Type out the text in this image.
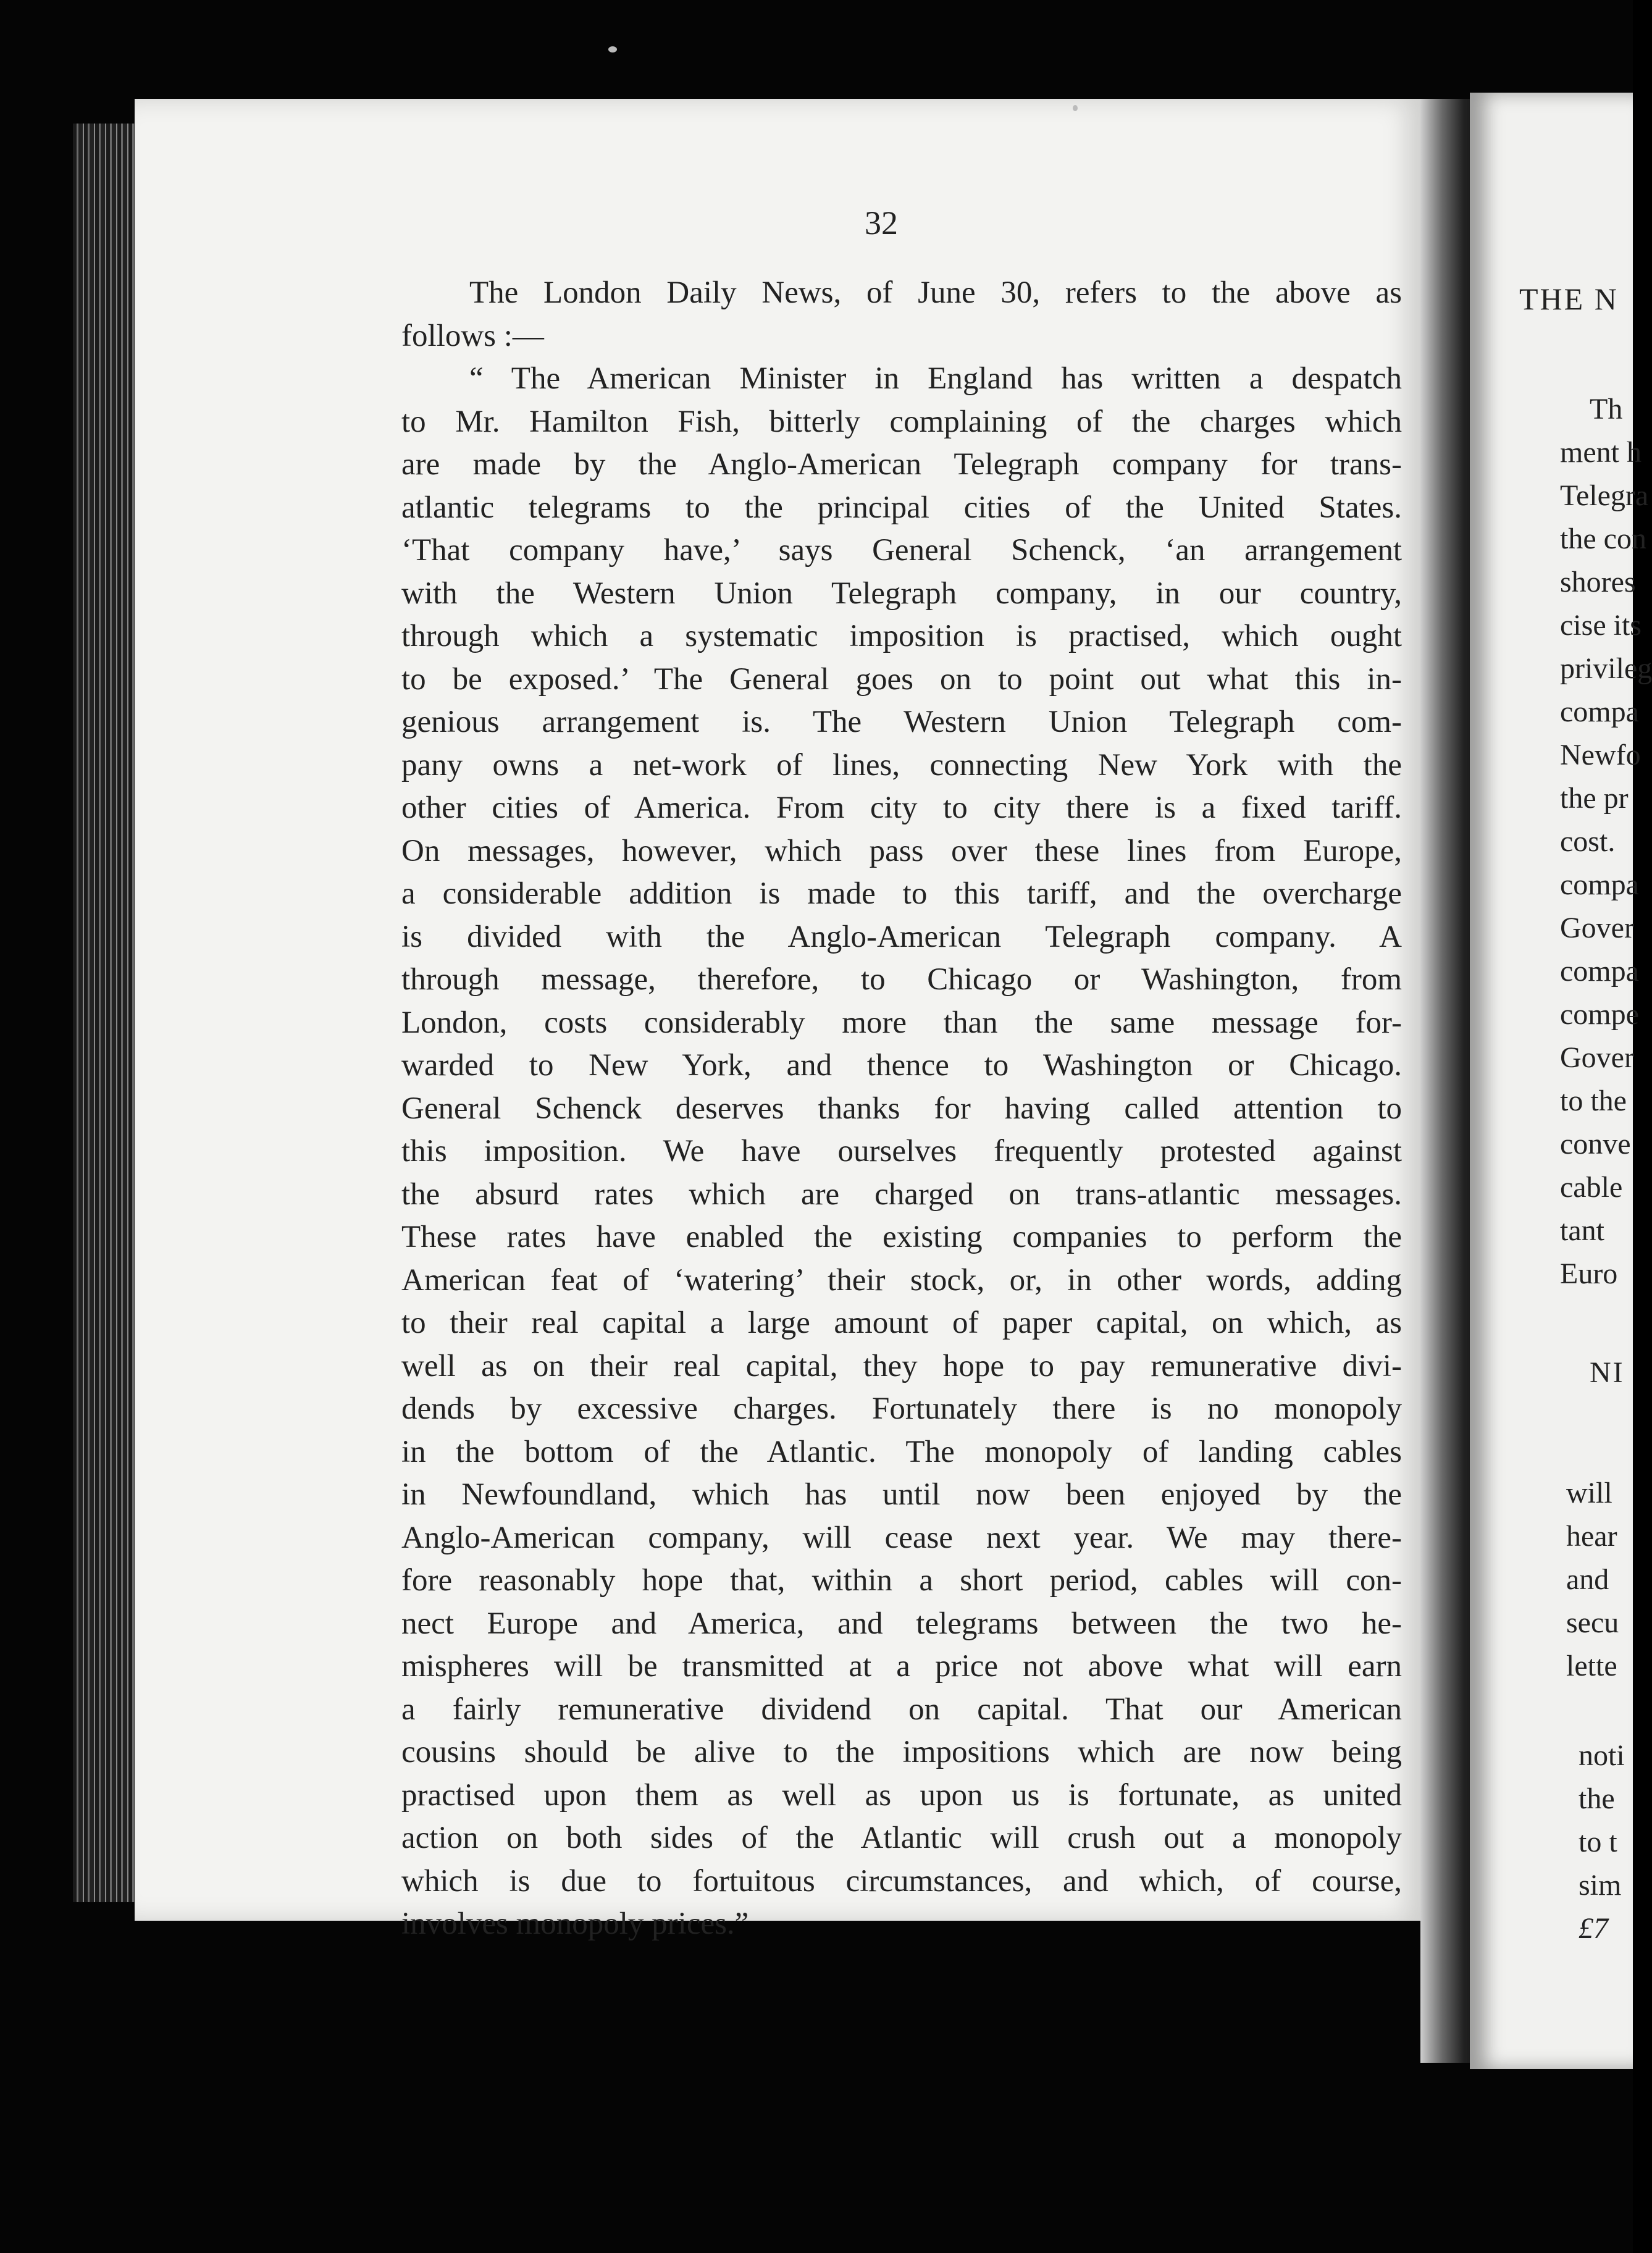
32
The London Daily News, of June 30, refers to the above as
follows :—
“ The American Minister in England has written a despatch
to Mr. Hamilton Fish, bitterly complaining of the charges which
are made by the Anglo-American Telegraph company for trans-
atlantic telegrams to the principal cities of the United States.
‘That company have,’ says General Schenck, ‘an arrangement
with the Western Union Telegraph company, in our country,
through which a systematic imposition is practised, which ought
to be exposed.’ The General goes on to point out what this in-
genious arrangement is. The Western Union Telegraph com-
pany owns a net-work of lines, connecting New York with the
other cities of America. From city to city there is a fixed tariff.
On messages, however, which pass over these lines from Europe,
a considerable addition is made to this tariff, and the overcharge
is divided with the Anglo-American Telegraph company. A
through message, therefore, to Chicago or Washington, from
London, costs considerably more than the same message for-
warded to New York, and thence to Washington or Chicago.
General Schenck deserves thanks for having called attention to
this imposition. We have ourselves frequently protested against
the absurd rates which are charged on trans-atlantic messages.
These rates have enabled the existing companies to perform the
American feat of ‘watering’ their stock, or, in other words, adding
to their real capital a large amount of paper capital, on which, as
well as on their real capital, they hope to pay remunerative divi-
dends by excessive charges. Fortunately there is no monopoly
in the bottom of the Atlantic. The monopoly of landing cables
in Newfoundland, which has until now been enjoyed by the
Anglo-American company, will cease next year. We may there-
fore reasonably hope that, within a short period, cables will con-
nect Europe and America, and telegrams between the two he-
mispheres will be transmitted at a price not above what will earn
a fairly remunerative dividend on capital. That our American
cousins should be alive to the impositions which are now being
practised upon them as well as upon us is fortunate, as united
action on both sides of the Atlantic will crush out a monopoly
which is due to fortuitous circumstances, and which, of course,
involves monopoly prices.”
THE N
Th
ment h
Telegra
the con
shores
cise its
privileg
compa
Newfo
the pr
cost.
compa
Gover
compa
compe
Gover
to the
conve
cable
tant
Euro
NI
will
hear
and
secu
lette
noti
the
to t
sim
£7
